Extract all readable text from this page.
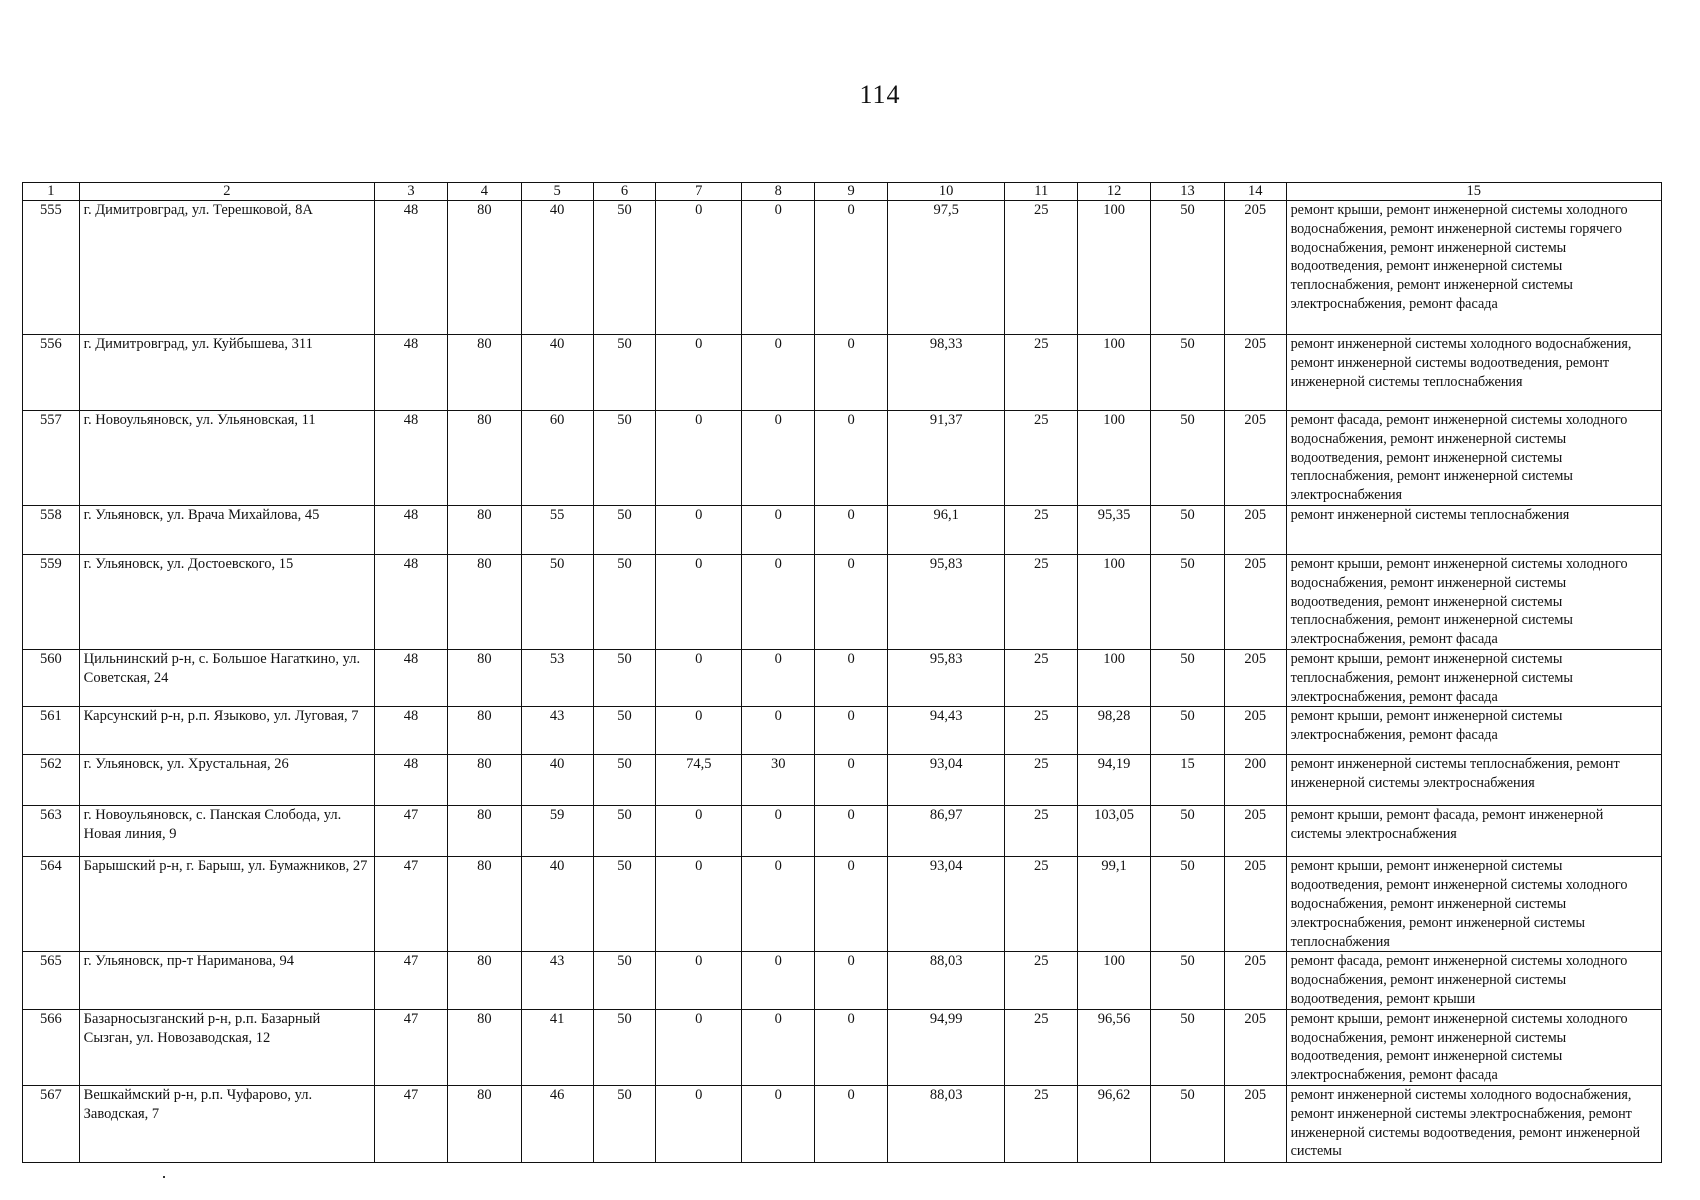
114
1	2	3	4	5	6	7	8	9	10	11	12	13	14	15
555	г. Димитровград, ул. Терешковой, 8А	48	80	40	50	0	0	0	97,5	25	100	50	205	ремонт крыши, ремонт инженерной системы холодного водоснабжения, ремонт инженерной системы горячего водоснабжения, ремонт инженерной системы водоотведения, ремонт инженерной системы теплоснабжения, ремонт инженерной системы электроснабжения, ремонт фасада
556	г. Димитровград, ул. Куйбышева, 311	48	80	40	50	0	0	0	98,33	25	100	50	205	ремонт инженерной системы холодного водоснабжения, ремонт инженерной системы водоотведения, ремонт инженерной системы теплоснабжения
557	г. Новоульяновск, ул. Ульяновская, 11	48	80	60	50	0	0	0	91,37	25	100	50	205	ремонт фасада, ремонт инженерной системы холодного водоснабжения, ремонт инженерной системы водоотведения, ремонт инженерной системы теплоснабжения, ремонт инженерной системы электроснабжения
558	г. Ульяновск, ул. Врача Михайлова, 45	48	80	55	50	0	0	0	96,1	25	95,35	50	205	ремонт инженерной системы теплоснабжения
559	г. Ульяновск, ул. Достоевского, 15	48	80	50	50	0	0	0	95,83	25	100	50	205	ремонт крыши, ремонт инженерной системы холодного водоснабжения, ремонт инженерной системы водоотведения, ремонт инженерной системы теплоснабжения, ремонт инженерной системы электроснабжения, ремонт фасада
560	Цильнинский р-н, с. Большое Нагаткино, ул. Советская, 24	48	80	53	50	0	0	0	95,83	25	100	50	205	ремонт крыши, ремонт инженерной системы теплоснабжения, ремонт инженерной системы электроснабжения, ремонт фасада
561	Карсунский р-н, р.п. Языково, ул. Луговая, 7	48	80	43	50	0	0	0	94,43	25	98,28	50	205	ремонт крыши, ремонт инженерной системы электроснабжения, ремонт фасада
562	г. Ульяновск, ул. Хрустальная, 26	48	80	40	50	74,5	30	0	93,04	25	94,19	15	200	ремонт инженерной системы теплоснабжения, ремонт инженерной системы электроснабжения
563	г. Новоульяновск, с. Панская Слобода, ул. Новая линия, 9	47	80	59	50	0	0	0	86,97	25	103,05	50	205	ремонт крыши, ремонт фасада, ремонт инженерной системы электроснабжения
564	Барышский р-н, г. Барыш, ул. Бумажников, 27	47	80	40	50	0	0	0	93,04	25	99,1	50	205	ремонт крыши, ремонт инженерной системы водоотведения, ремонт инженерной системы холодного водоснабжения, ремонт инженерной системы электроснабжения, ремонт инженерной системы теплоснабжения
565	г. Ульяновск, пр-т Нариманова, 94	47	80	43	50	0	0	0	88,03	25	100	50	205	ремонт фасада, ремонт инженерной системы холодного водоснабжения, ремонт инженерной системы водоотведения, ремонт крыши
566	Базарносызганский р-н, р.п. Базарный Сызган, ул. Новозаводская, 12	47	80	41	50	0	0	0	94,99	25	96,56	50	205	ремонт крыши, ремонт инженерной системы холодного водоснабжения, ремонт инженерной системы водоотведения, ремонт инженерной системы электроснабжения, ремонт фасада
567	Вешкаймский р-н, р.п. Чуфарово, ул. Заводская, 7	47	80	46	50	0	0	0	88,03	25	96,62	50	205	ремонт инженерной системы холодного водоснабжения, ремонт инженерной системы электроснабжения, ремонт инженерной системы водоотведения, ремонт инженерной системы
